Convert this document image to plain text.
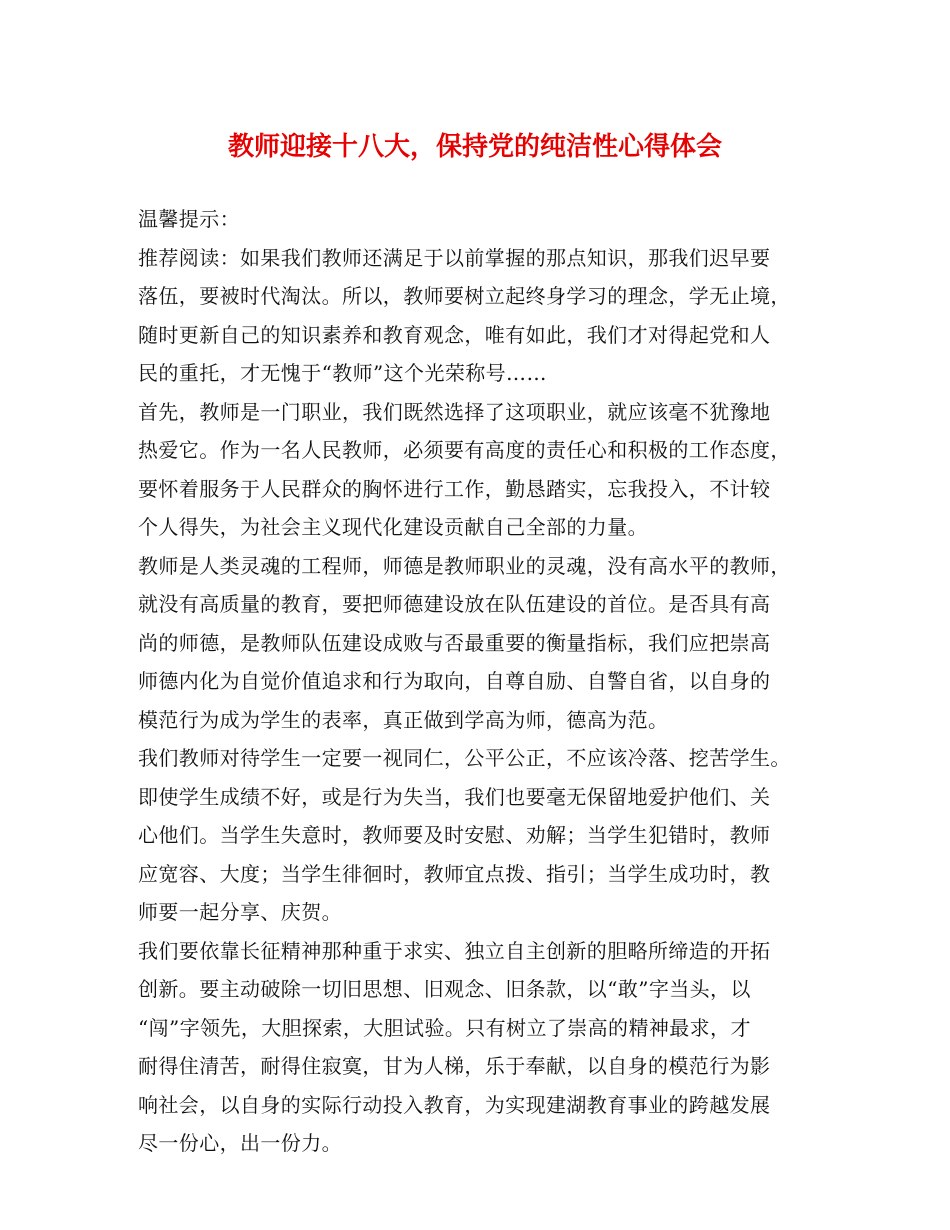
教师迎接十八大，保持党的纯洁性心得体会
温馨提示：
推荐阅读：如果我们教师还满足于以前掌握的那点知识，那我们迟早要
落伍，要被时代淘汰。所以，教师要树立起终身学习的理念，学无止境，
随时更新自己的知识素养和教育观念，唯有如此，我们才对得起党和人
民的重托，才无愧于“教师”这个光荣称号……
首先，教师是一门职业，我们既然选择了这项职业，就应该毫不犹豫地
热爱它。作为一名人民教师，必须要有高度的责任心和积极的工作态度，
要怀着服务于人民群众的胸怀进行工作，勤恳踏实，忘我投入，不计较
个人得失，为社会主义现代化建设贡献自己全部的力量。
教师是人类灵魂的工程师，师德是教师职业的灵魂，没有高水平的教师，
就没有高质量的教育，要把师德建设放在队伍建设的首位。是否具有高
尚的师德，是教师队伍建设成败与否最重要的衡量指标，我们应把崇高
师德内化为自觉价值追求和行为取向，自尊自励、自警自省，以自身的
模范行为成为学生的表率，真正做到学高为师，德高为范。
我们教师对待学生一定要一视同仁，公平公正，不应该冷落、挖苦学生。
即使学生成绩不好，或是行为失当，我们也要毫无保留地爱护他们、关
心他们。当学生失意时，教师要及时安慰、劝解；当学生犯错时，教师
应宽容、大度；当学生徘徊时，教师宜点拨、指引；当学生成功时，教
师要一起分享、庆贺。
我们要依靠长征精神那种重于求实、独立自主创新的胆略所缔造的开拓
创新。要主动破除一切旧思想、旧观念、旧条款，以“敢”字当头，以
“闯”字领先，大胆探索，大胆试验。只有树立了崇高的精神最求，才
耐得住清苦，耐得住寂寞，甘为人梯，乐于奉献，以自身的模范行为影
响社会，以自身的实际行动投入教育，为实现建湖教育事业的跨越发展
尽一份心，出一份力。
